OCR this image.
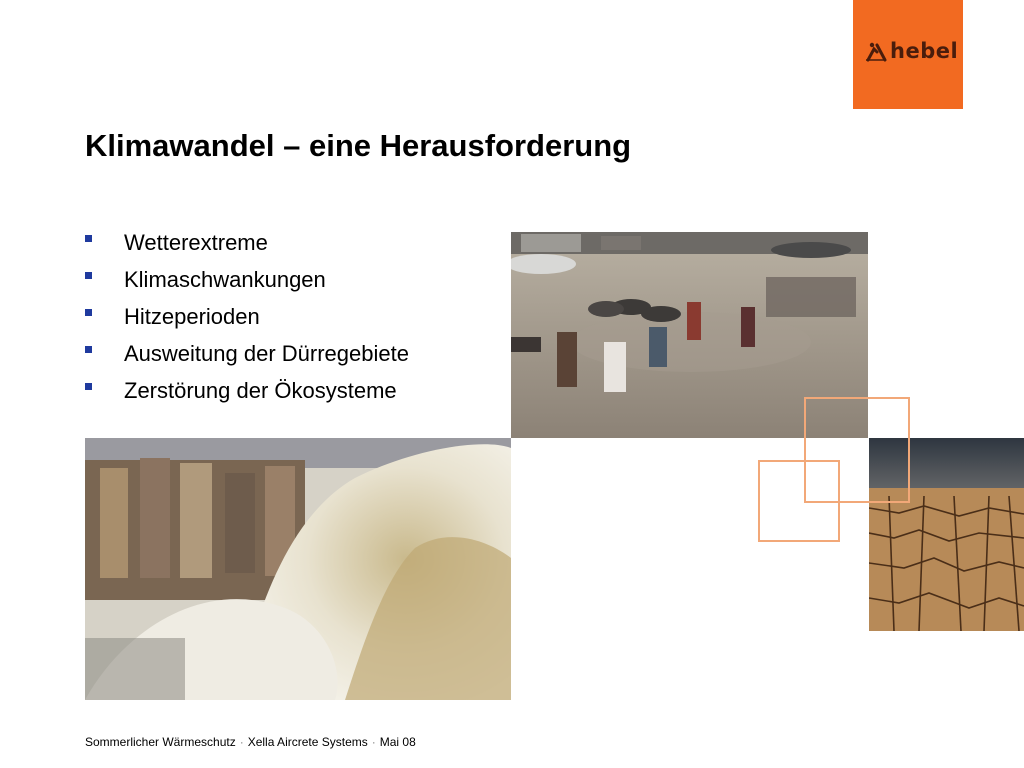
hebel
Klimawandel – eine Herausforderung
Wetterextreme
Klimaschwankungen
Hitzeperioden
Ausweitung der Dürregebiete
Zerstörung der Ökosysteme
Sommerlicher Wärmeschutz · Xella Aircrete Systems · Mai 08
